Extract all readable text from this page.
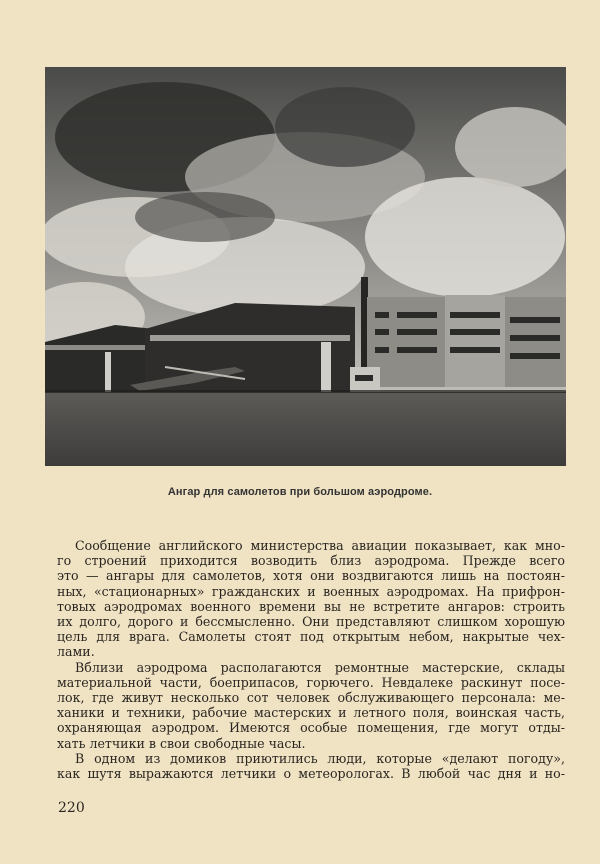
Ангар для самолетов при большом аэродроме.
Сообщение английского министерства авиации показывает, как мно-
го строений приходится возводить близ аэродрома. Прежде всего
это — ангары для самолетов, хотя они воздвигаются лишь на постоян-
ных, «стационарных» гражданских и военных аэродромах. На прифрон-
товых аэродромах военного времени вы не встретите ангаров: строить
их долго, дорого и бессмысленно. Они представляют слишком хорошую
цель для врага. Самолеты стоят под открытым небом, накрытые чех-
лами.
Вблизи аэродрома располагаются ремонтные мастерские, склады
материальной части, боеприпасов, горючего. Невдалеке раскинут посе-
лок, где живут несколько сот человек обслуживающего персонала: ме-
ханики и техники, рабочие мастерских и летного поля, воинская часть,
охраняющая аэродром. Имеются особые помещения, где могут отды-
хать летчики в свои свободные часы.
В одном из домиков приютились люди, которые «делают погоду»,
как шутя выражаются летчики о метеорологах. В любой час дня и но-
220
